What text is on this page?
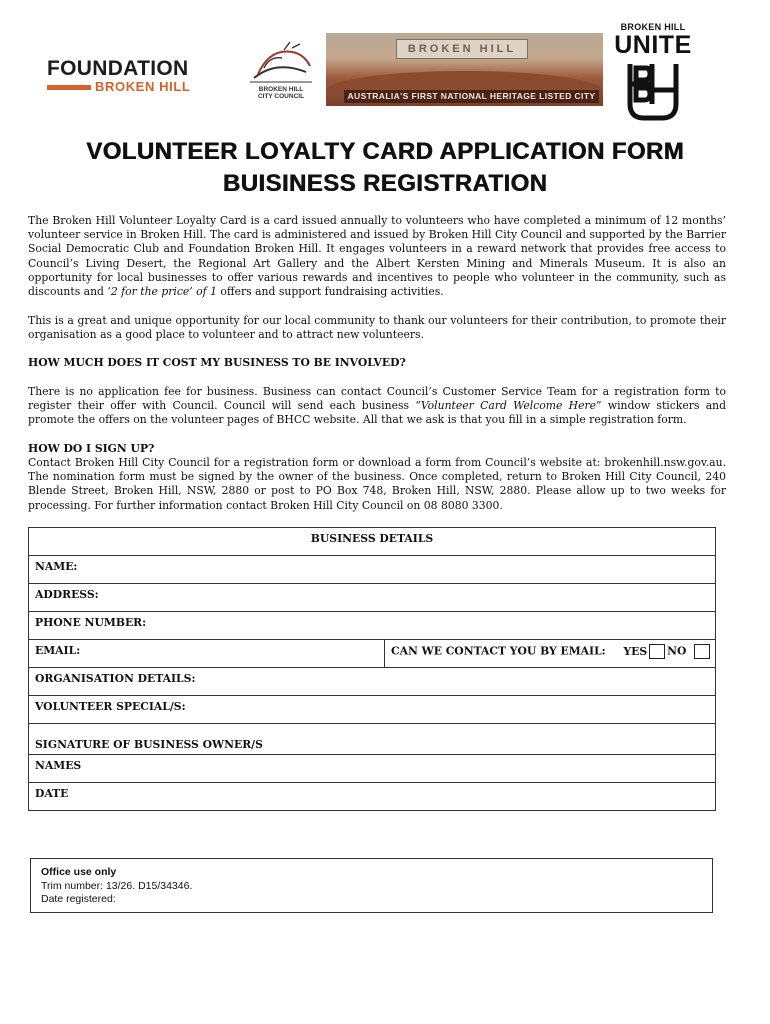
FOUNDATION
BROKEN HILL	BROKEN HILL
CITY COUNCIL
BROKEN HILL
AUSTRALIA'S FIRST NATIONAL HERITAGE LISTED CITY
BROKEN HILL
UNITE
VOLUNTEER LOYALTY CARD APPLICATION FORM
BUISINESS REGISTRATION
The Broken Hill Volunteer Loyalty Card is a card issued annually to volunteers who have completed a minimum of 12 months’ volunteer service in Broken Hill. The card is administered and issued by Broken Hill City Council and supported by the Barrier Social Democratic Club and Foundation Broken Hill. It engages volunteers in a reward network that provides free access to Council’s Living Desert, the Regional Art Gallery and the Albert Kersten Mining and Minerals Museum. It is also an opportunity for local businesses to offer various rewards and incentives to people who volunteer in the community, such as discounts and ‘2 for the price’ of 1 offers and support fundraising activities.
This is a great and unique opportunity for our local community to thank our volunteers for their contribution, to promote their organisation as a good place to volunteer and to attract new volunteers.
HOW MUCH DOES IT COST MY BUSINESS TO BE INVOLVED?
There is no application fee for business. Business can contact Council’s Customer Service Team for a registration form to register their offer with Council. Council will send each business “Volunteer Card Welcome Here” window stickers and promote the offers on the volunteer pages of BHCC website. All that we ask is that you fill in a simple registration form.
HOW DO I SIGN UP?
Contact Broken Hill City Council for a registration form or download a form from Council’s website at: brokenhill.nsw.gov.au. The nomination form must be signed by the owner of the business. Once completed, return to Broken Hill City Council, 240 Blende Street, Broken Hill, NSW, 2880 or post to PO Box 748, Broken Hill, NSW, 2880. Please allow up to two weeks for processing. For further information contact Broken Hill City Council on 08 8080 3300.
BUSINESS DETAILS
NAME:
ADDRESS:
PHONE NUMBER:
EMAIL:	CAN WE CONTACT YOU BY EMAIL: YES NO
ORGANISATION DETAILS:
VOLUNTEER SPECIAL/S:
SIGNATURE OF BUSINESS OWNER/S
NAMES
DATE
Office use only
Trim number: 13/26. D15/34346.
Date registered:
